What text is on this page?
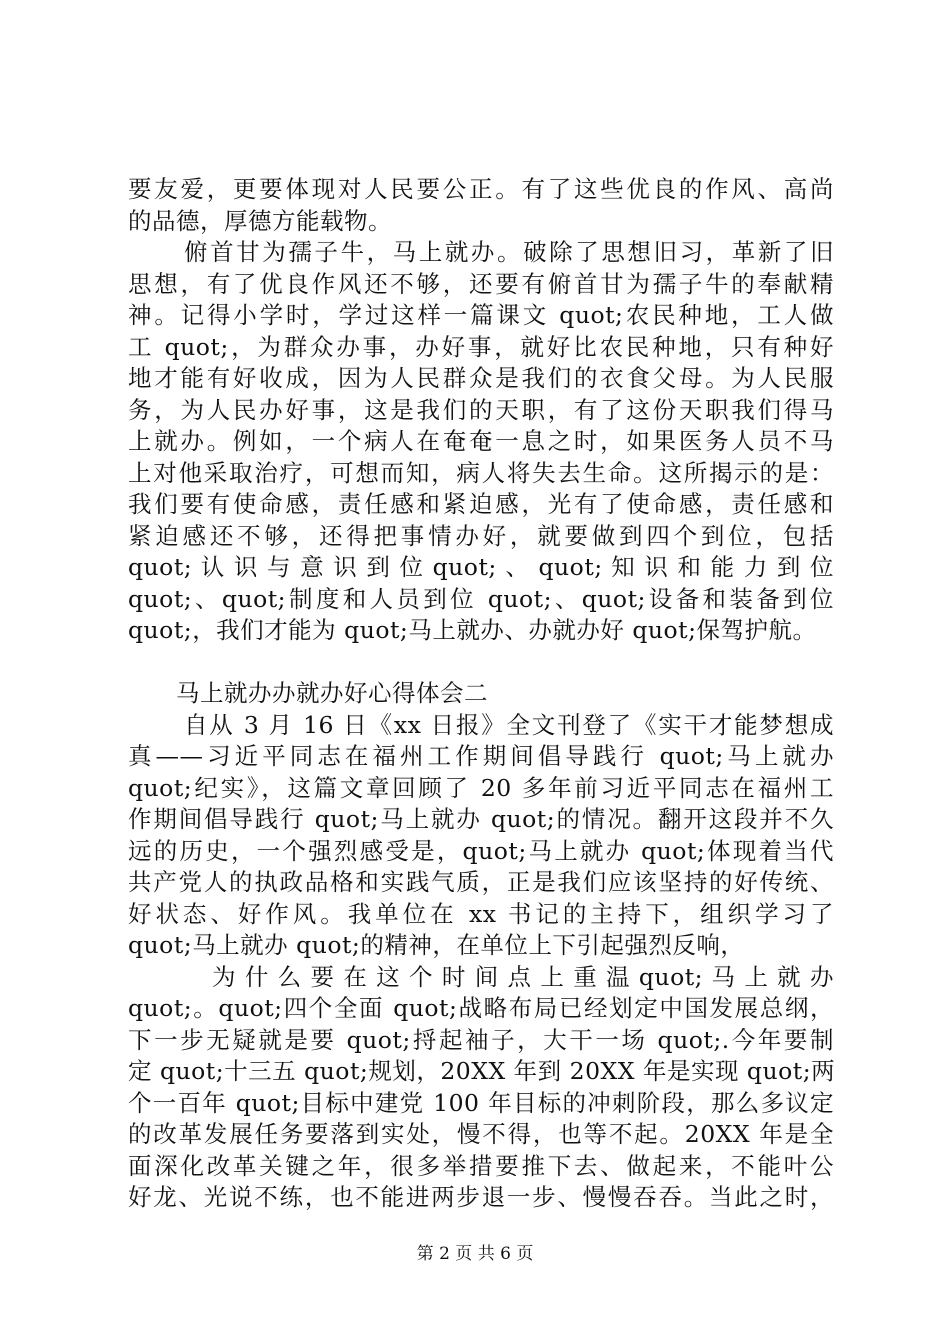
要友爱，更要体现对人民要公正。有了这些优良的作风、高尚
的品德，厚德方能载物。
俯首甘为孺子牛，马上就办。破除了思想旧习，革新了旧
思想，有了优良作风还不够，还要有俯首甘为孺子牛的奉献精
神。记得小学时，学过这样一篇课文 quot;农民种地，工人做
工 quot;，为群众办事，办好事，就好比农民种地，只有种好
地才能有好收成，因为人民群众是我们的衣食父母。为人民服
务，为人民办好事，这是我们的天职，有了这份天职我们得马
上就办。例如，一个病人在奄奄一息之时，如果医务人员不马
上对他采取治疗，可想而知，病人将失去生命。这所揭示的是：
我们要有使命感，责任感和紧迫感，光有了使命感，责任感和
紧迫感还不够，还得把事情办好，就要做到四个到位，包括
quot; 认 识 与 意 识 到 位 quot; 、 quot; 知 识 和 能 力 到 位
quot;、quot;制度和人员到位 quot;、quot;设备和装备到位
quot;，我们才能为 quot;马上就办、办就办好 quot;保驾护航。
马上就办办就办好心得体会二
自从 3 月 16 日《xx 日报》全文刊登了《实干才能梦想成
真——习近平同志在福州工作期间倡导践行 quot;马上就办
quot;纪实》，这篇文章回顾了 20 多年前习近平同志在福州工
作期间倡导践行 quot;马上就办 quot;的情况。翻开这段并不久
远的历史，一个强烈感受是，quot;马上就办 quot;体现着当代
共产党人的执政品格和实践气质，正是我们应该坚持的好传统、
好状态、好作风。我单位在 xx 书记的主持下，组织学习了
quot;马上就办 quot;的精神，在单位上下引起强烈反响，
为 什 么 要 在 这 个 时 间 点 上 重 温 quot; 马 上 就 办
quot;。quot;四个全面 quot;战略布局已经划定中国发展总纲，
下一步无疑就是要 quot;捋起袖子，大干一场 quot;.今年要制
定 quot;十三五 quot;规划，20XX 年到 20XX 年是实现 quot;两
个一百年 quot;目标中建党 100 年目标的冲刺阶段，那么多议定
的改革发展任务要落到实处，慢不得，也等不起。20XX 年是全
面深化改革关键之年，很多举措要推下去、做起来，不能叶公
好龙、光说不练，也不能进两步退一步、慢慢吞吞。当此之时，
第 2 页 共 6 页
